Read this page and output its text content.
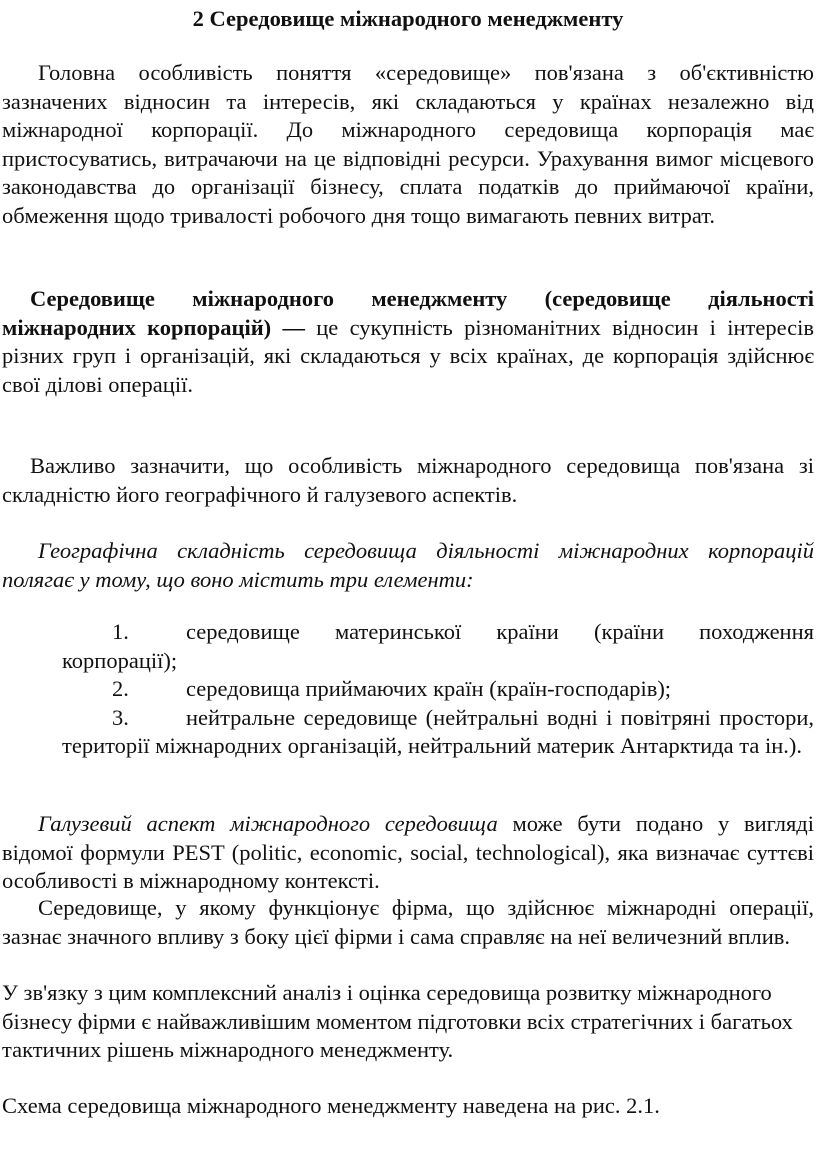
2 Середовище міжнародного менеджменту

Головна особливість поняття «середовище» пов'язана з об'єктивністю зазначених відносин та інтересів, які складаються у країнах незалежно від міжнародної корпорації. До міжнародного середовища корпорація має пристосуватись, витрачаючи на це відповідні ресурси. Урахування вимог місцевого законодавства до організації бізнесу, сплата податків до приймаючої країни, обмеження щодо тривалості робочого дня тощо вимагають певних витрат.

Середовище міжнародного менеджменту (середовище діяльності міжнародних корпорацій) — це сукупність різноманітних відносин і інтересів різних груп і організацій, які складаються у всіх країнах, де корпорація здійснює свої ділові операції.

Важливо зазначити, що особливість міжнародного середовища пов'язана зі складністю його географічного й галузевого аспектів.

Географічна складність середовища діяльності міжнародних корпорацій полягає у тому, що воно містить три елементи:

1.	середовище материнської країни (країни походження корпорації);
2.	середовища приймаючих країн (країн-господарів);
3.	нейтральне середовище (нейтральні водні і повітряні простори, території міжнародних організацій, нейтральний материк Антарктида та ін.).

Галузевий аспект міжнародного середовища може бути подано у вигляді відомої формули PEST (politic, economic, social, technological), яка визначає суттєві особливості в міжнародному контексті.

Середовище, у якому функціонує фірма, що здійснює міжнародні операції, зазнає значного впливу з боку цієї фірми і сама справляє на неї величезний вплив.

У зв'язку з цим комплексний аналіз і оцінка середовища розвитку міжнародного бізнесу фірми є найважливішим моментом підготовки всіх стратегічних і багатьох тактичних рішень міжнародного менеджменту.

Схема середовища міжнародного менеджменту наведена на рис. 2.1.
